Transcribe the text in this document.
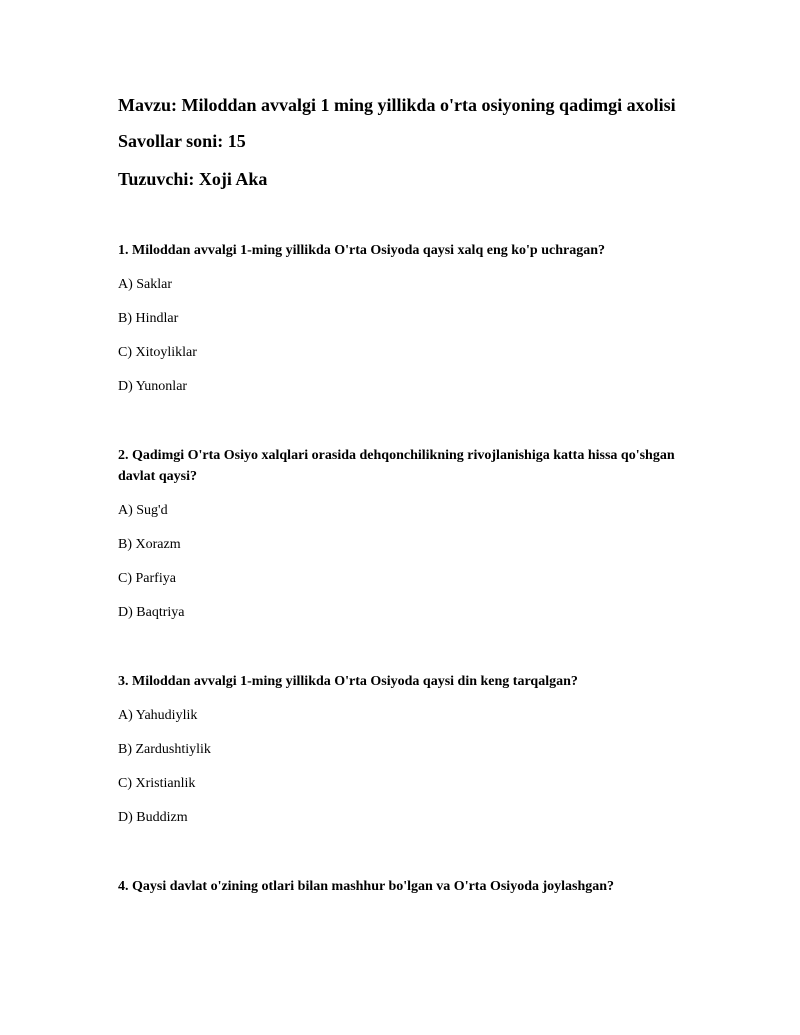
Mavzu: Miloddan avvalgi 1 ming yillikda o'rta osiyoning qadimgi axolisi

Savollar soni: 15

Tuzuvchi: Xoji Aka

1. Miloddan avvalgi 1-ming yillikda O'rta Osiyoda qaysi xalq eng ko'p uchragan?

A) Saklar
B) Hindlar
C) Xitoyliklar
D) Yunonlar

2. Qadimgi O'rta Osiyo xalqlari orasida dehqonchilikning rivojlanishiga katta hissa qo'shgan davlat qaysi?

A) Sug'd
B) Xorazm
C) Parfiya
D) Baqtriya

3. Miloddan avvalgi 1-ming yillikda O'rta Osiyoda qaysi din keng tarqalgan?

A) Yahudiylik
B) Zardushtiylik
C) Xristianlik
D) Buddizm

4. Qaysi davlat o'zining otlari bilan mashhur bo'lgan va O'rta Osiyoda joylashgan?
